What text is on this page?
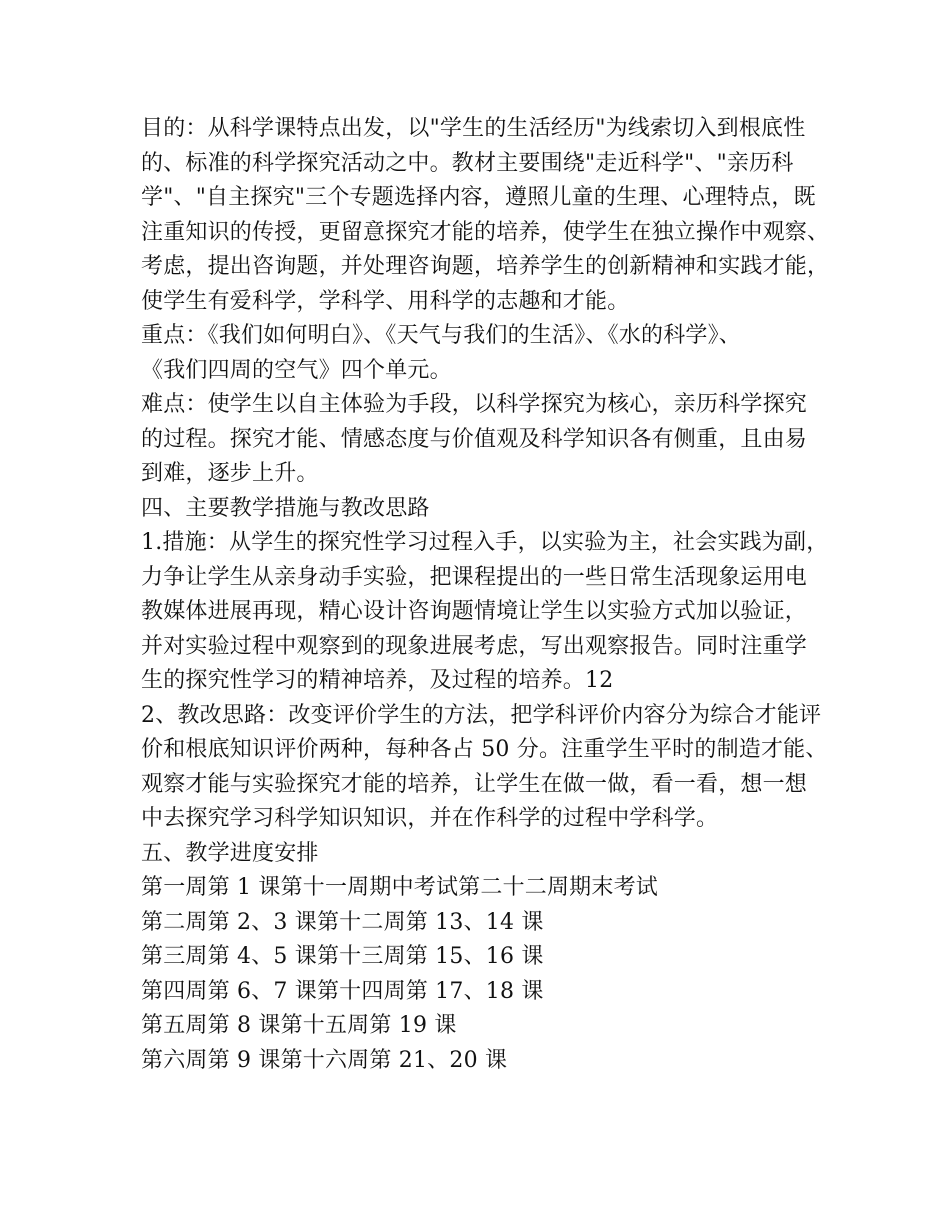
目的：从科学课特点出发，以"学生的生活经历"为线索切入到根底性
的、标准的科学探究活动之中。教材主要围绕"走近科学"、"亲历科
学"、"自主探究"三个专题选择内容，遵照儿童的生理、心理特点，既
注重知识的传授，更留意探究才能的培养，使学生在独立操作中观察、
考虑，提出咨询题，并处理咨询题，培养学生的创新精神和实践才能，
使学生有爱科学，学科学、用科学的志趣和才能。
重点：《我们如何明白》、《天气与我们的生活》、《水的科学》、
《我们四周的空气》四个单元。
难点：使学生以自主体验为手段，以科学探究为核心，亲历科学探究
的过程。探究才能、情感态度与价值观及科学知识各有侧重，且由易
到难，逐步上升。
四、主要教学措施与教改思路
1.措施：从学生的探究性学习过程入手，以实验为主，社会实践为副，
力争让学生从亲身动手实验，把课程提出的一些日常生活现象运用电
教媒体进展再现，精心设计咨询题情境让学生以实验方式加以验证，
并对实验过程中观察到的现象进展考虑，写出观察报告。同时注重学
生的探究性学习的精神培养，及过程的培养。12
2、教改思路：改变评价学生的方法，把学科评价内容分为综合才能评
价和根底知识评价两种，每种各占 50 分。注重学生平时的制造才能、
观察才能与实验探究才能的培养，让学生在做一做，看一看，想一想
中去探究学习科学知识知识，并在作科学的过程中学科学。
五、教学进度安排
第一周第 1 课第十一周期中考试第二十二周期末考试
第二周第 2、3 课第十二周第 13、14 课
第三周第 4、5 课第十三周第 15、16 课
第四周第 6、7 课第十四周第 17、18 课
第五周第 8 课第十五周第 19 课
第六周第 9 课第十六周第 21、20 课
